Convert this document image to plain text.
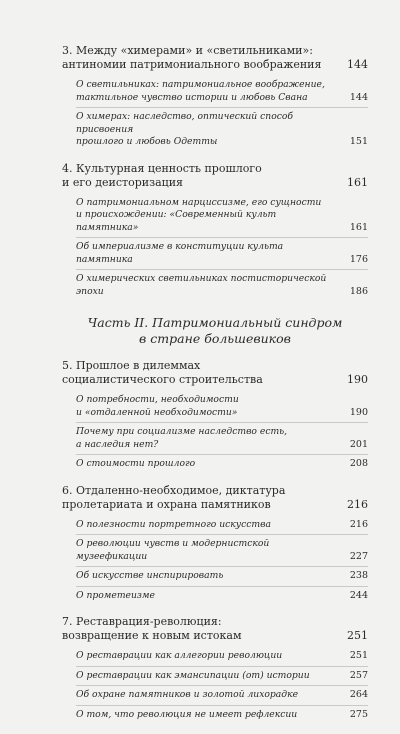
3. Между «химерами» и «светильниками»:
антиномии патримониального воображения	144
О светильниках: патримониальное воображение,
тактильное чувство истории и любовь Свана	144
О химерах: наследство, оптический способ присвоения
прошлого и любовь Одетты	151
4. Культурная ценность прошлого
и его деисторизация	161
О патримониальном нарциссизме, его сущности
и происхождении: «Современный культ памятника»	161
Об империализме в конституции культа памятника	176
О химерических светильниках постисторической эпохи	186
Часть II. Патримониальный синдром
в стране большевиков
5. Прошлое в дилеммах
социалистического строительства	190
О потребности, необходимости
и «отдаленной необходимости»	190
Почему при социализме наследство есть,
а наследия нет?	201
О стоимости прошлого	208
6. Отдаленно-необходимое, диктатура
пролетариата и охрана памятников	216
О полезности портретного искусства	216
О революции чувств и модернистской музеефикации	227
Об искусстве инспирировать	238
О прометеизме	244
7. Реставрация-революция:
возвращение к новым истокам	251
О реставрации как аллегории революции	251
О реставрации как эмансипации (от) истории	257
Об охране памятников и золотой лихорадке	264
О том, что революция не имеет рефлексии	275
